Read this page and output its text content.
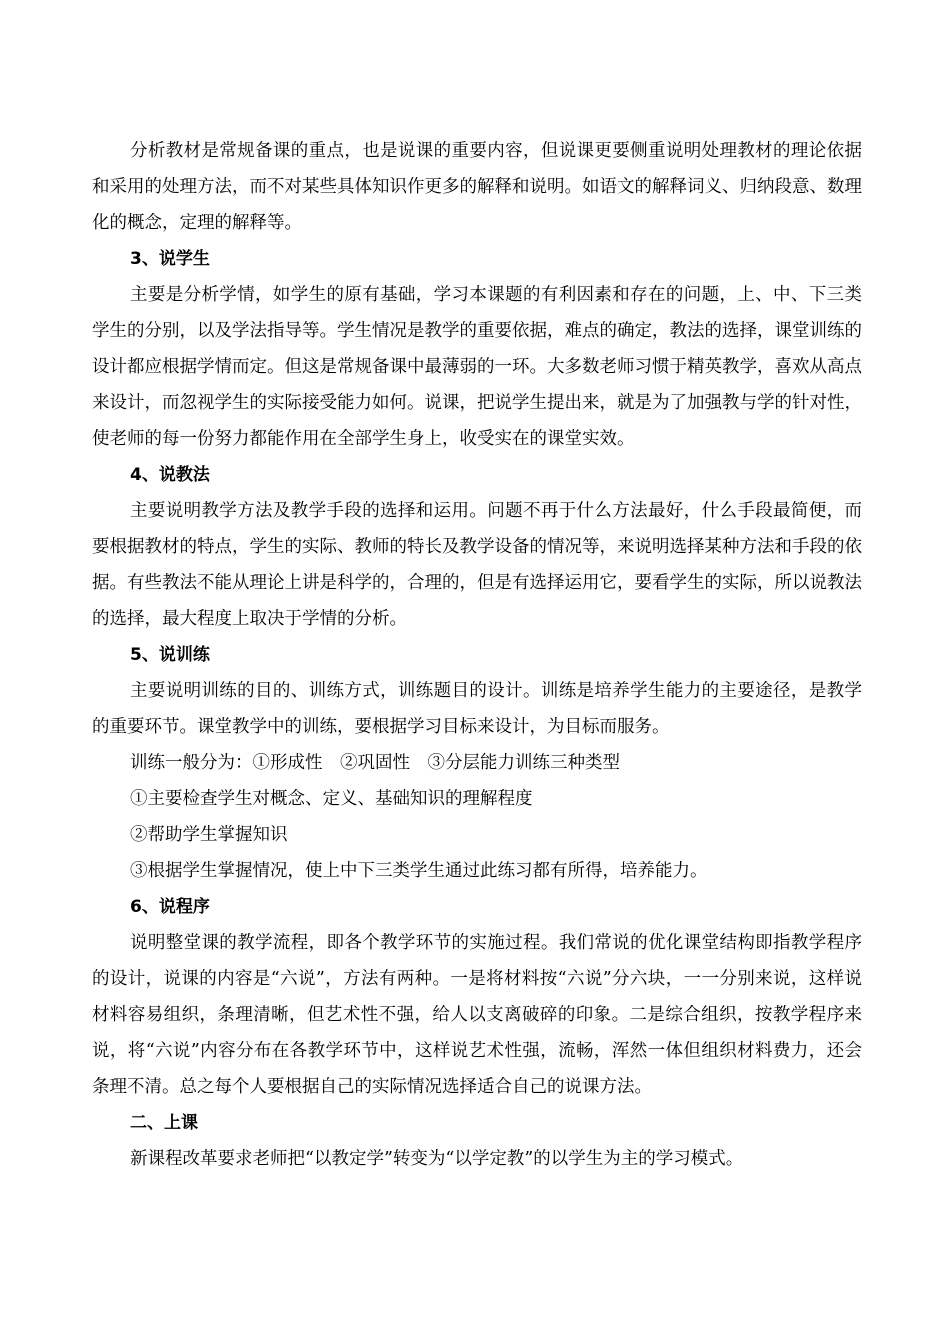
分析教材是常规备课的重点，也是说课的重要内容，但说课更要侧重说明处理教材的理论依据和采用的处理方法，而不对某些具体知识作更多的解释和说明。如语文的解释词义、归纳段意、数理化的概念，定理的解释等。

3、说学生

主要是分析学情，如学生的原有基础，学习本课题的有利因素和存在的问题，上、中、下三类学生的分别，以及学法指导等。学生情况是教学的重要依据，难点的确定，教法的选择，课堂训练的设计都应根据学情而定。但这是常规备课中最薄弱的一环。大多数老师习惯于精英教学，喜欢从高点来设计，而忽视学生的实际接受能力如何。说课，把说学生提出来，就是为了加强教与学的针对性，使老师的每一份努力都能作用在全部学生身上，收受实在的课堂实效。

4、说教法

主要说明教学方法及教学手段的选择和运用。问题不再于什么方法最好，什么手段最简便，而要根据教材的特点，学生的实际、教师的特长及教学设备的情况等，来说明选择某种方法和手段的依据。有些教法不能从理论上讲是科学的，合理的，但是有选择运用它，要看学生的实际，所以说教法的选择，最大程度上取决于学情的分析。

5、说训练

主要说明训练的目的、训练方式，训练题目的设计。训练是培养学生能力的主要途径，是教学的重要环节。课堂教学中的训练，要根据学习目标来设计，为目标而服务。

训练一般分为：①形成性　②巩固性　③分层能力训练三种类型

①主要检查学生对概念、定义、基础知识的理解程度

②帮助学生掌握知识

③根据学生掌握情况，使上中下三类学生通过此练习都有所得，培养能力。

6、说程序

说明整堂课的教学流程，即各个教学环节的实施过程。我们常说的优化课堂结构即指教学程序的设计，说课的内容是“六说”，方法有两种。一是将材料按“六说”分六块，一一分别来说，这样说材料容易组织，条理清晰，但艺术性不强，给人以支离破碎的印象。二是综合组织，按教学程序来说，将“六说”内容分布在各教学环节中，这样说艺术性强，流畅，浑然一体但组织材料费力，还会条理不清。总之每个人要根据自己的实际情况选择适合自己的说课方法。

二、上课

新课程改革要求老师把“以教定学”转变为“以学定教”的以学生为主的学习模式。
